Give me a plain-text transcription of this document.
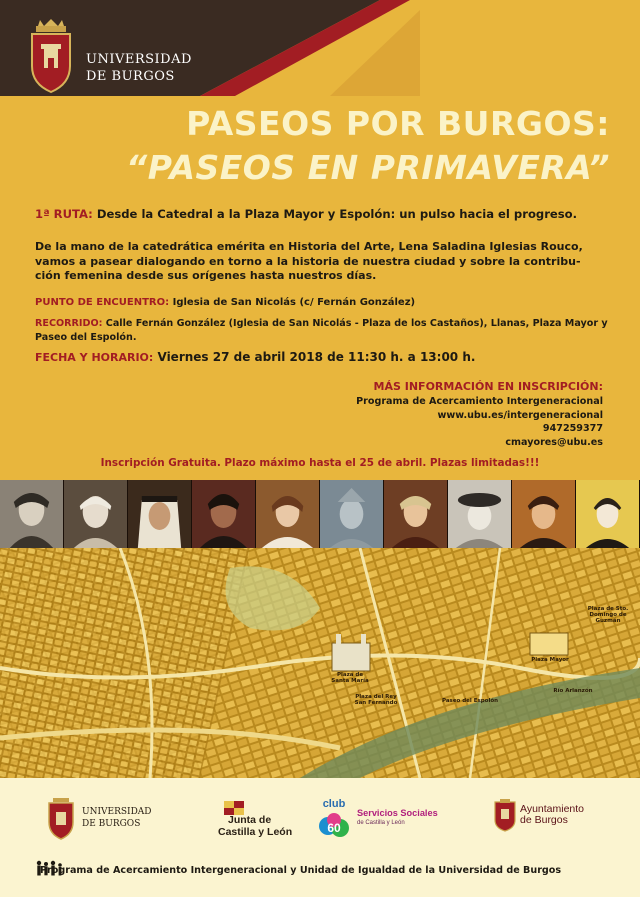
UNIVERSIDAD
DE BURGOS
PASEOS POR BURGOS:
“PASEOS EN PRIMAVERA”
1ª RUTA: Desde la Catedral a la Plaza Mayor y Espolón: un pulso hacia el progreso.
De la mano de la catedrática emérita en Historia del Arte, Lena Saladina Iglesias Rouco,
vamos a pasear dialogando en torno a la historia de nuestra ciudad y sobre la contribu-
ción femenina desde sus orígenes hasta nuestros días.
PUNTO DE ENCUENTRO: Iglesia de San Nicolás (c/ Fernán González)
RECORRIDO: Calle Fernán González (Iglesia de San Nicolás - Plaza de los Castaños), Llanas, Plaza Mayor y
Paseo del Espolón.
FECHA Y HORARIO: Viernes 27 de abril 2018 de 11:30 h. a 13:00 h.
MÁS INFORMACIÓN EN INSCRIPCIÓN:
Programa de Acercamiento Intergeneracional
www.ubu.es/intergeneracional
947259377
cmayores@ubu.es
Inscripción Gratuita. Plazo máximo hasta el 25 de abril. Plazas limitadas!!!
Plaza Mayor
Plaza de Sto. Domingo de Guzmán
Plaza de Santa María
Plaza del Rey San Fernando
Río Arlanzón
Paseo del Espolón
UNIVERSIDAD
DE BURGOS	Junta de
Castilla y León
club
60
Servicios Sociales
de Castilla y León
Ayuntamiento
de Burgos
Programa de Acercamiento Intergeneracional y Unidad de Igualdad de la Universidad de Burgos
